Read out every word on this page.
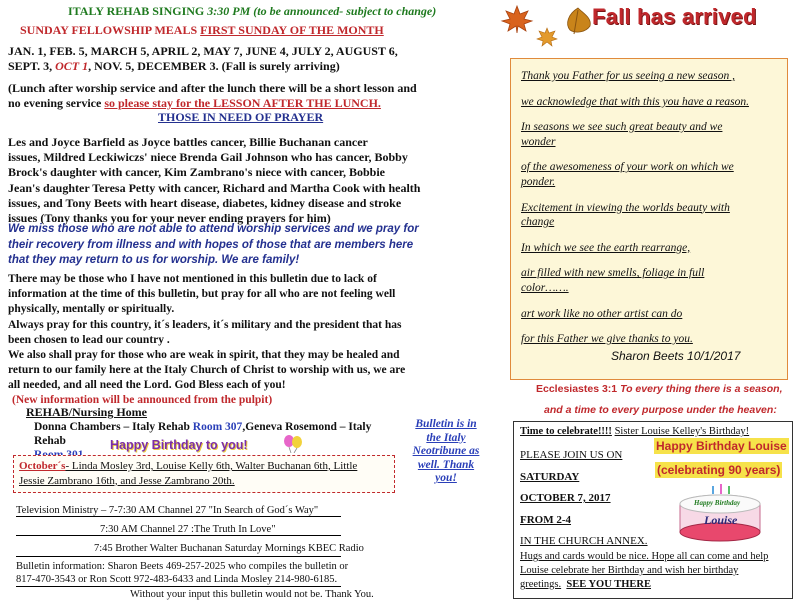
ITALY REHAB SINGING 3:30 PM (to be announced- subject to change)
SUNDAY FELLOWSHIP MEALS FIRST SUNDAY OF THE MONTH

JAN. 1, FEB. 5, MARCH 5, APRIL 2, MAY 7, JUNE 4, JULY 2, AUGUST 6,

SEPT. 3, OCT 1, NOV. 5, DECEMBER 3. (Fall is surely arriving)

(Lunch after worship service and after the lunch there will be a short lesson and

no evening service so please stay for the LESSON AFTER THE LUNCH.

THOSE IN NEED OF PRAYER

Les and Joyce Barfield as Joyce battles cancer, Billie Buchanan cancer

issues, Mildred Leckiwiczs' niece Brenda Gail Johnson who has cancer, Bobby

Brock's daughter with cancer, Kim Zambrano's niece with cancer, Bobbie

Jean's daughter Teresa Petty with cancer, Richard and Martha Cook with health

issues, and Tony Beets with heart disease, diabetes, kidney disease and stroke

issues (Tony thanks you for your never ending prayers for him)

We miss those who are not able to attend worship services and we pray for

their recovery from illness and with hopes of those that are members here

that they may return to us for worship. We are family!

There may be those who I have not mentioned in this bulletin due to lack of

information at the time of this bulletin, but pray for all who are not feeling well

physically, mentally or spiritually.

Always pray for this country, it´s leaders, it´s military and the president that has

been chosen to lead our country .

We also shall pray for those who are weak in spirit, that they may be healed and

return to our family here at the Italy Church of Christ to worship with us, we are

all needed, and all need the Lord. God Bless each of you!

(New information will be announced from the pulpit)
REHAB/Nursing Home
Donna Chambers – Italy Rehab Room 307,Geneva Rosemond – Italy Rehab

Bulletin is in

the Italy

Neotribune as

well. Thank

you!

Happy Birthday to you!
October´s- Linda Mosley 3rd, Louise Kelly 6th, Walter Buchanan 6th, Little
Jessie Zambrano 16th, and Jesse Zambrano 20th.
Television Ministry – 7-7:30 AM Channel 27 "In Search of God´s Way"
7:30 AM Channel 27 :The Truth In Love"
7:45 Brother Walter Buchanan Saturday Mornings KBEC Radio

Bulletin information: Sharon Beets 469-257-2025 who compiles the bulletin or

817-470-3543 or Ron Scott 972-483-6433 and Linda Mosley 214-980-6185.

Without your input this bulletin would not be. Thank You.
Fall has arrived

Thank you Father for us seeing a new season ,

we acknowledge that with this you have a reason.

In seasons we see such great beauty and we

wonder

of the awesomeness of your work on which we

ponder.

Excitement in viewing the worlds beauty with

change

In which we see the earth rearrange,

air filled with new smells, foliage in full

color…….

art work like no other artist can do

for this Father we give thanks to you.

Sharon Beets 10/1/2017
Ecclesiastes 3:1 To every thing there is a season,
and a time to every purpose under the heaven:
Time to celebrate!!!! Sister Louise Kelley's Birthday!
Happy Birthday Louise
(celebrating 90 years)

PLEASE JOIN US ON

SATURDAY

OCTOBER 7, 2017

FROM 2-4

IN THE CHURCH ANNEX.

Happy Birthday
Louise

Hugs and cards would be nice. Hope all can come and help

Louise celebrate her Birthday and wish her birthday

greetings. SEE YOU THERE
